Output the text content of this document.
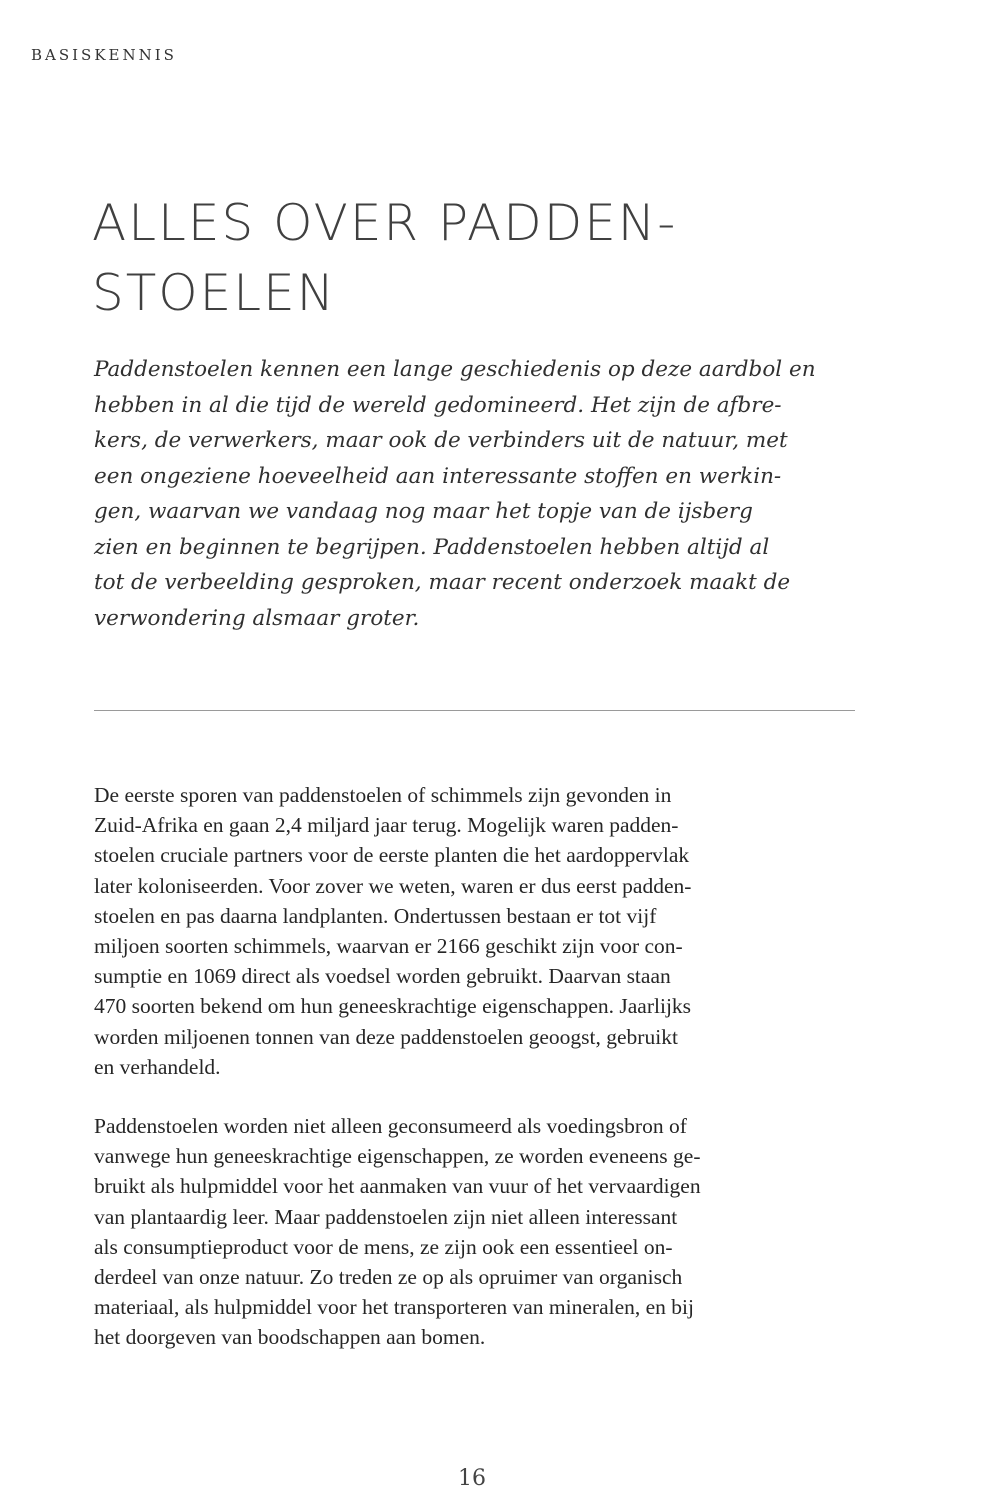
BASISKENNIS
ALLES OVER PADDEN-
STOELEN

Paddenstoelen kennen een lange geschiedenis op deze aardbol en
hebben in al die tijd de wereld gedomineerd. Het zijn de afbre-
kers, de verwerkers, maar ook de verbinders uit de natuur, met
een ongeziene hoeveelheid aan interessante stoffen en werkin-
gen, waarvan we vandaag nog maar het topje van de ijsberg
zien en beginnen te begrijpen. Paddenstoelen hebben altijd al
tot de verbeelding gesproken, maar recent onderzoek maakt de
verwondering alsmaar groter.

De eerste sporen van paddenstoelen of schimmels zijn gevonden in
Zuid-Afrika en gaan 2,4 miljard jaar terug. Mogelijk waren padden-
stoelen cruciale partners voor de eerste planten die het aardoppervlak
later koloniseerden. Voor zover we weten, waren er dus eerst padden-
stoelen en pas daarna landplanten. Ondertussen bestaan er tot vijf
miljoen soorten schimmels, waarvan er 2166 geschikt zijn voor con-
sumptie en 1069 direct als voedsel worden gebruikt. Daarvan staan
470 soorten bekend om hun geneeskrachtige eigenschappen. Jaarlijks
worden miljoenen tonnen van deze paddenstoelen geoogst, gebruikt
en verhandeld.

Paddenstoelen worden niet alleen geconsumeerd als voedingsbron of
vanwege hun geneeskrachtige eigenschappen, ze worden eveneens ge-
bruikt als hulpmiddel voor het aanmaken van vuur of het vervaardigen
van plantaardig leer. Maar paddenstoelen zijn niet alleen interessant
als consumptieproduct voor de mens, ze zijn ook een essentieel on-
derdeel van onze natuur. Zo treden ze op als opruimer van organisch
materiaal, als hulpmiddel voor het transporteren van mineralen, en bij
het doorgeven van boodschappen aan bomen.

16
